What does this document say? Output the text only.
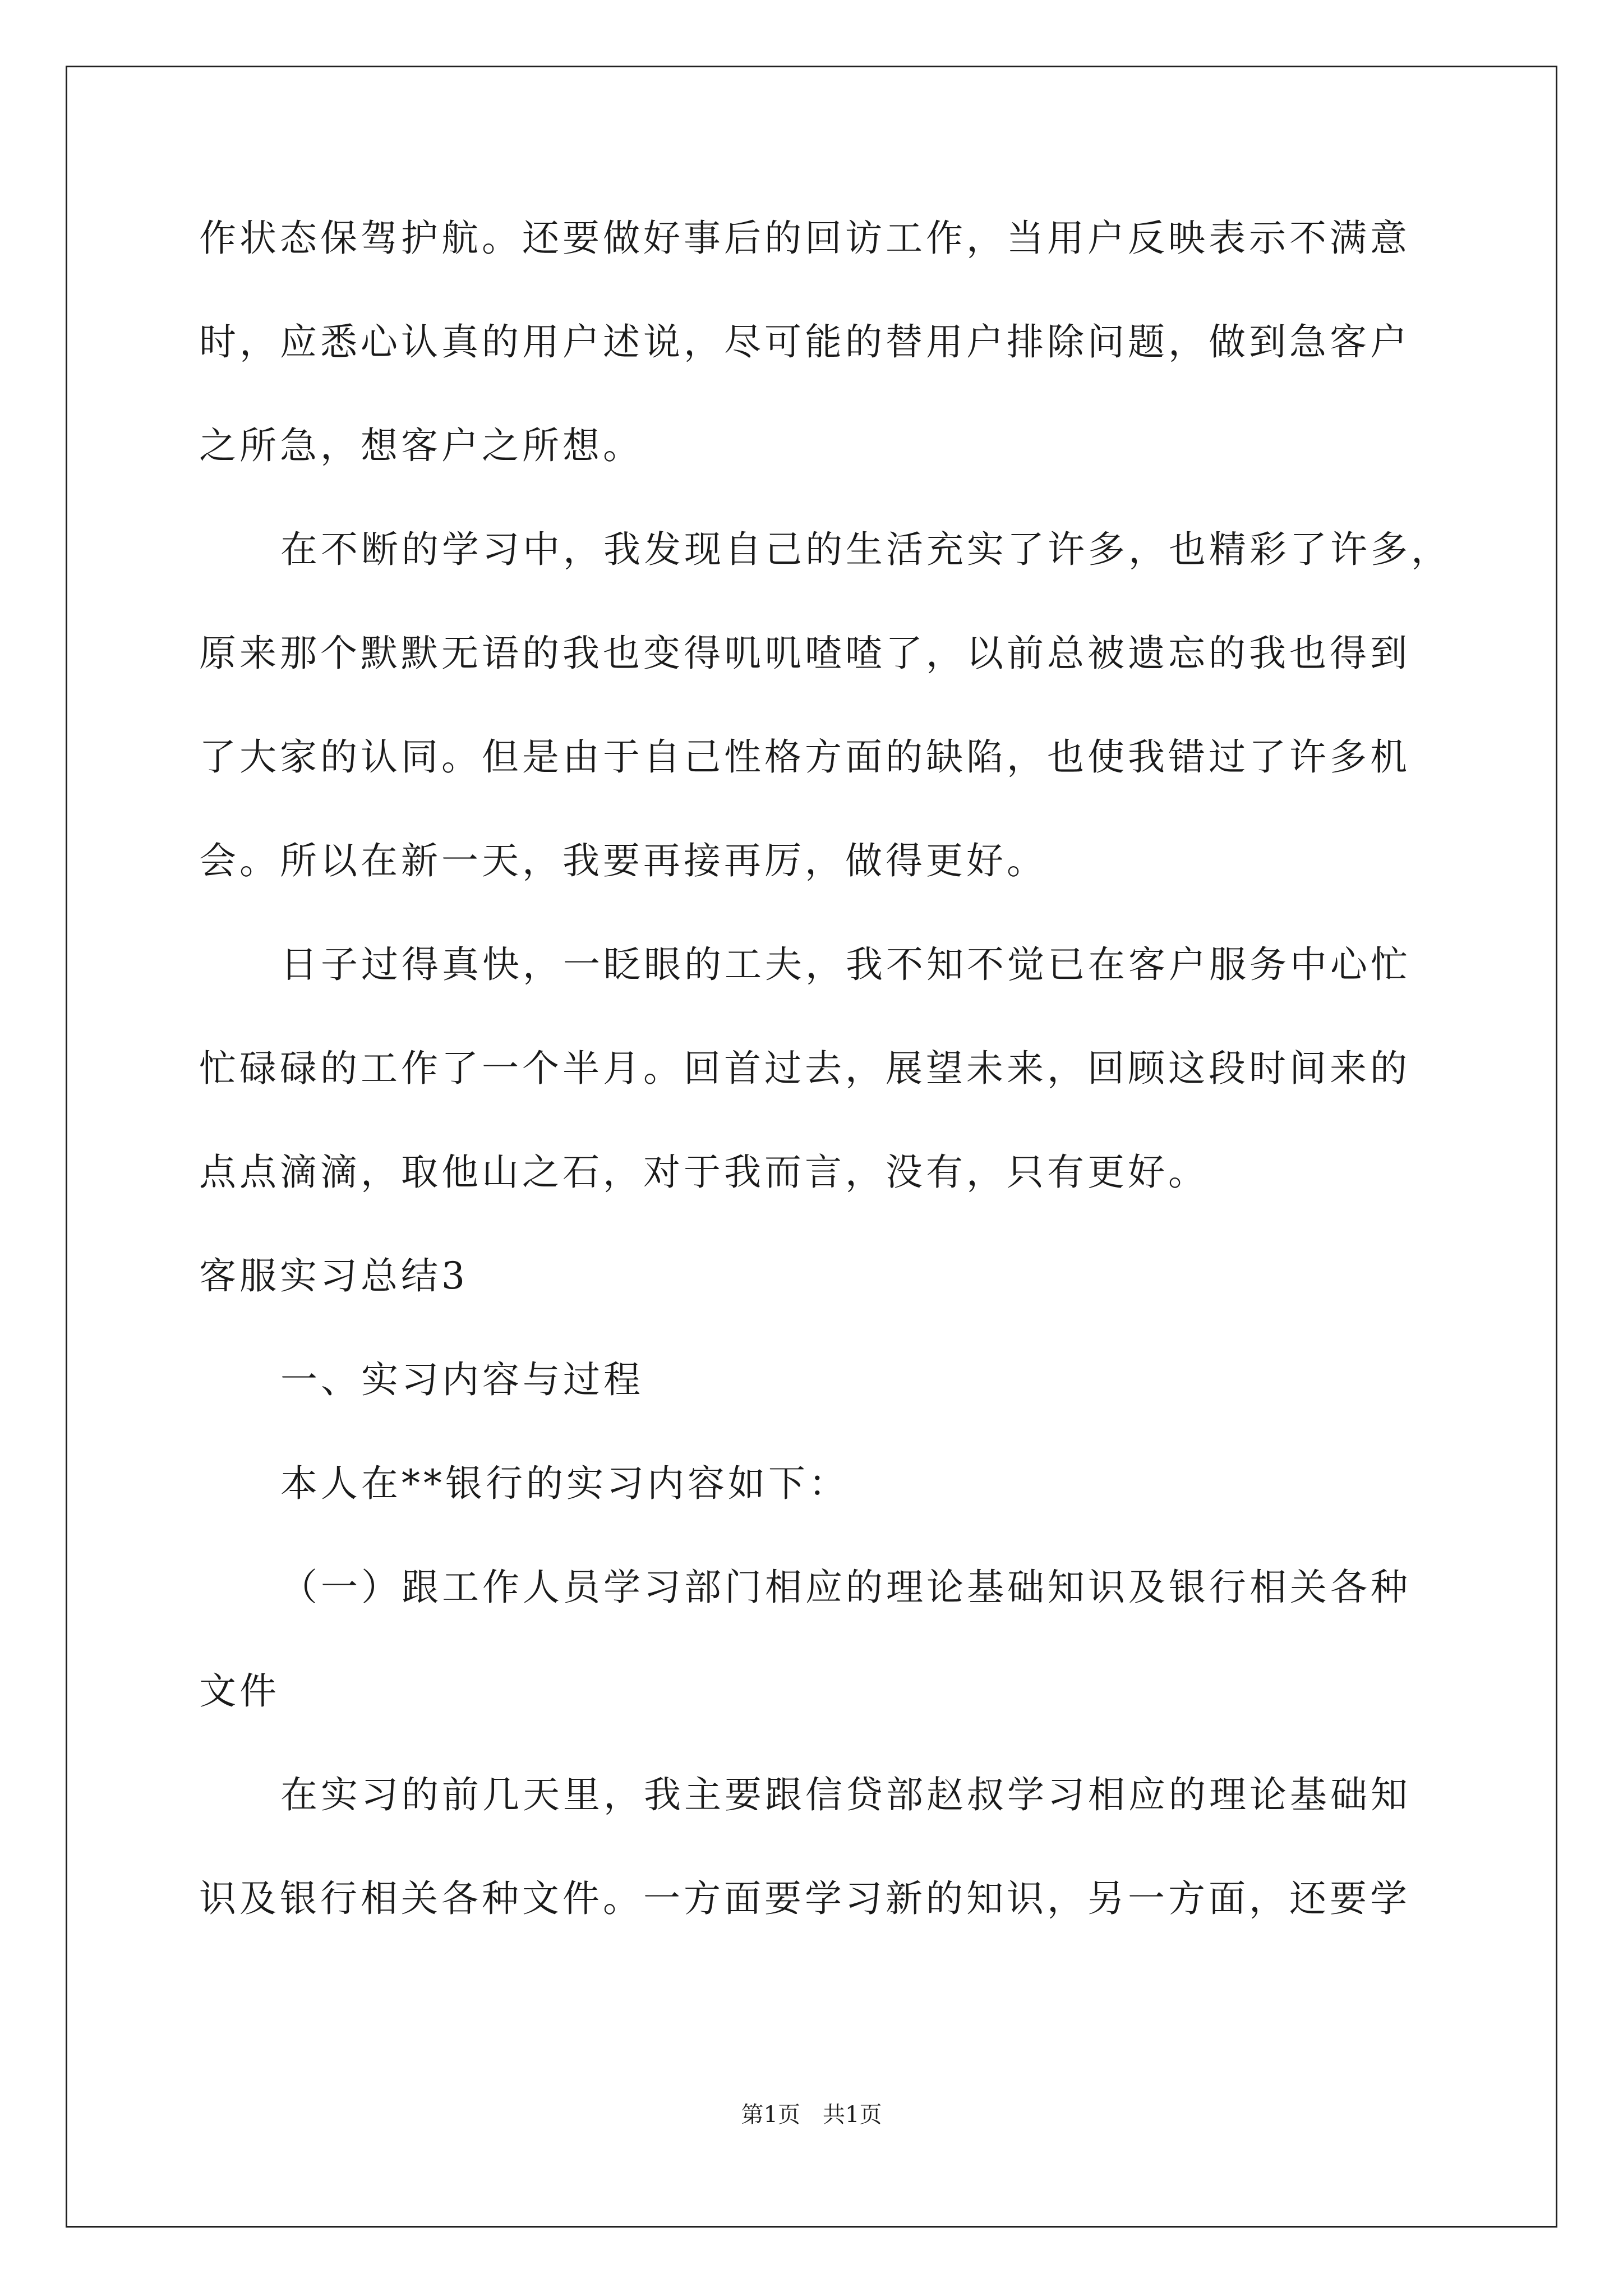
作状态保驾护航。还要做好事后的回访工作，当用户反映表示不满意
时，应悉心认真的用户述说，尽可能的替用户排除问题，做到急客户
之所急，想客户之所想。
在不断的学习中，我发现自己的生活充实了许多，也精彩了许多，
原来那个默默无语的我也变得叽叽喳喳了，以前总被遗忘的我也得到
了大家的认同。但是由于自己性格方面的缺陷，也使我错过了许多机
会。所以在新一天，我要再接再厉，做得更好。
日子过得真快，一眨眼的工夫，我不知不觉已在客户服务中心忙
忙碌碌的工作了一个半月。回首过去，展望未来，回顾这段时间来的
点点滴滴，取他山之石，对于我而言，没有，只有更好。
客服实习总结3
一、实习内容与过程
本人在**银行的实习内容如下：
（一）跟工作人员学习部门相应的理论基础知识及银行相关各种
文件
在实习的前几天里，我主要跟信贷部赵叔学习相应的理论基础知
识及银行相关各种文件。一方面要学习新的知识，另一方面，还要学
第1页　共1页
